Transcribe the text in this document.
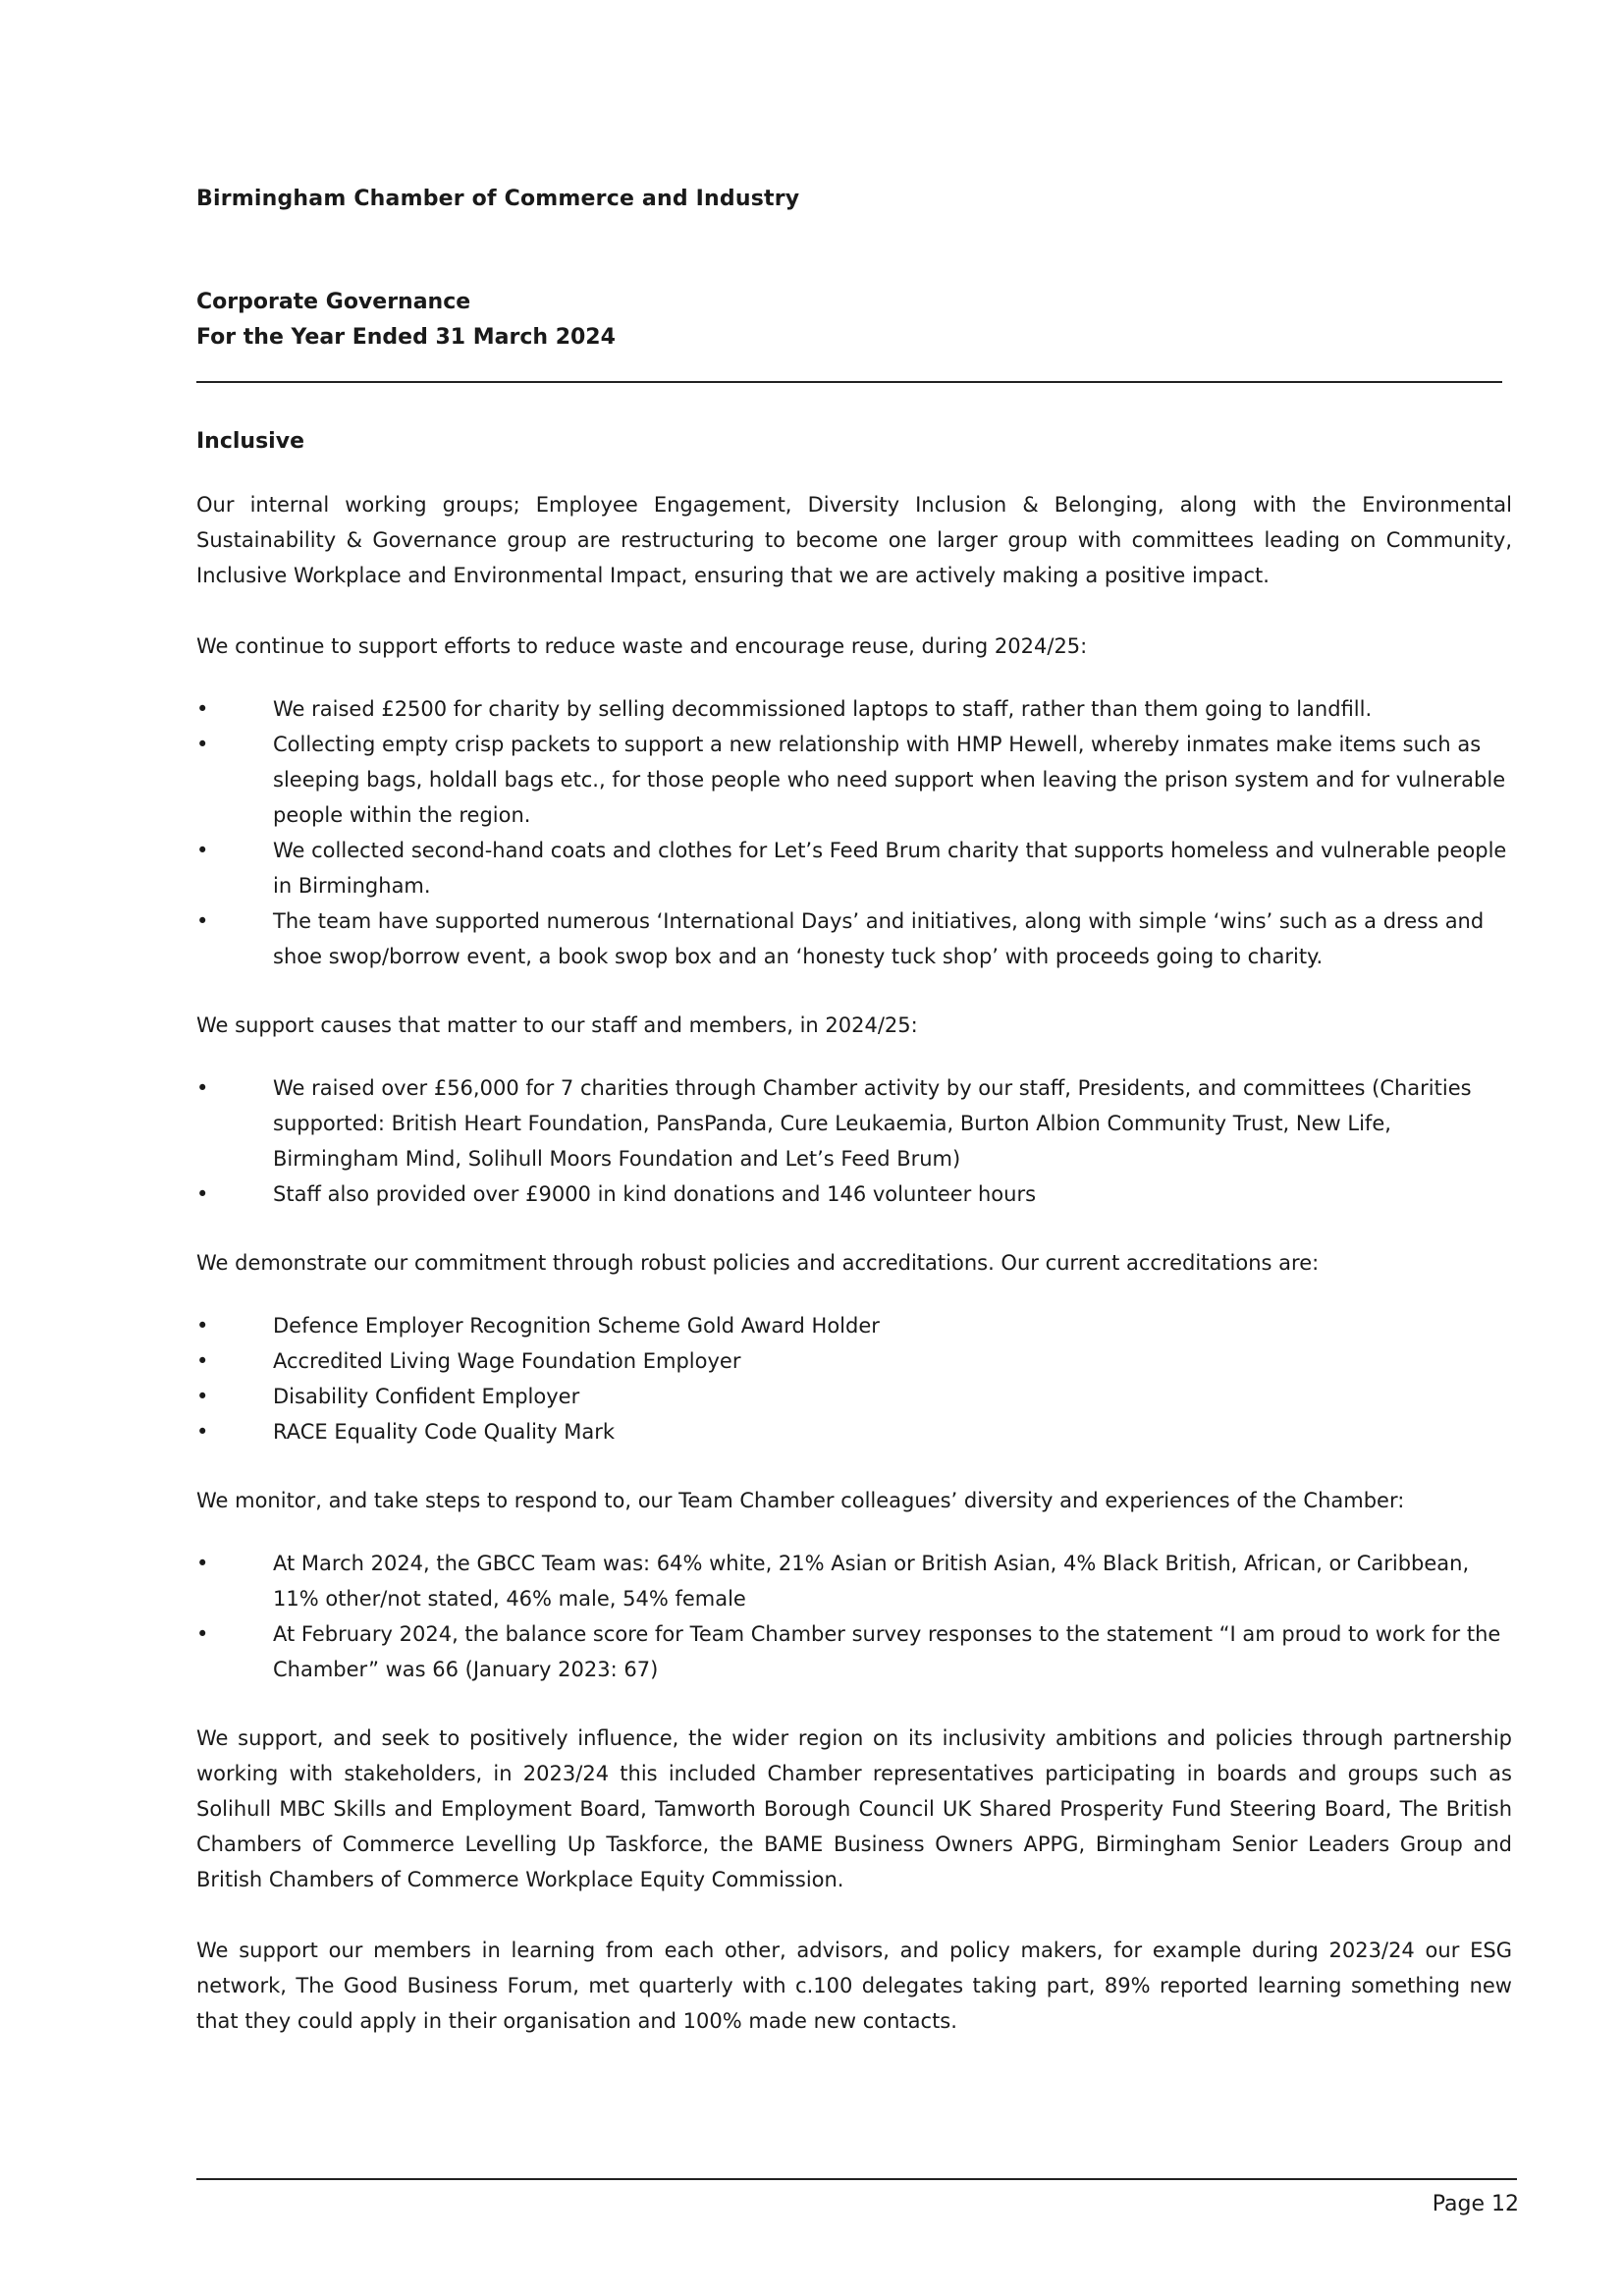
Birmingham Chamber of Commerce and Industry
Corporate Governance
For the Year Ended 31 March 2024
Inclusive

Our internal working groups; Employee Engagement, Diversity Inclusion & Belonging, along with the Environmental Sustainability & Governance group are restructuring to become one larger group with committees leading on Community, Inclusive Workplace and Environmental Impact, ensuring that we are actively making a positive impact.

We continue to support efforts to reduce waste and encourage reuse, during 2024/25:

•	We raised £2500 for charity by selling decommissioned laptops to staff, rather than them going to landfill.
•	Collecting empty crisp packets to support a new relationship with HMP Hewell, whereby inmates make items such as sleeping bags, holdall bags etc., for those people who need support when leaving the prison system and for vulnerable people within the region.
•	We collected second-hand coats and clothes for Let’s Feed Brum charity that supports homeless and vulnerable people in Birmingham.
•	The team have supported numerous ‘International Days’ and initiatives, along with simple ‘wins’ such as a dress and shoe swop/borrow event, a book swop box and an ‘honesty tuck shop’ with proceeds going to charity.

We support causes that matter to our staff and members, in 2024/25:

•	We raised over £56,000 for 7 charities through Chamber activity by our staff, Presidents, and committees (Charities supported: British Heart Foundation, PansPanda, Cure Leukaemia, Burton Albion Community Trust, New Life, Birmingham Mind, Solihull Moors Foundation and Let’s Feed Brum)
•	Staff also provided over £9000 in kind donations and 146 volunteer hours

We demonstrate our commitment through robust policies and accreditations. Our current accreditations are:

•	Defence Employer Recognition Scheme Gold Award Holder
•	Accredited Living Wage Foundation Employer
•	Disability Confident Employer
•	RACE Equality Code Quality Mark

We monitor, and take steps to respond to, our Team Chamber colleagues’ diversity and experiences of the Chamber:

•	At March 2024, the GBCC Team was: 64% white, 21% Asian or British Asian, 4% Black British, African, or Caribbean, 11% other/not stated, 46% male, 54% female
•	At February 2024, the balance score for Team Chamber survey responses to the statement “I am proud to work for the Chamber” was 66 (January 2023: 67)

We support, and seek to positively influence, the wider region on its inclusivity ambitions and policies through partnership working with stakeholders, in 2023/24 this included Chamber representatives participating in boards and groups such as Solihull MBC Skills and Employment Board, Tamworth Borough Council UK Shared Prosperity Fund Steering Board, The British Chambers of Commerce Levelling Up Taskforce, the BAME Business Owners APPG, Birmingham Senior Leaders Group and British Chambers of Commerce Workplace Equity Commission.

We support our members in learning from each other, advisors, and policy makers, for example during 2023/24 our ESG network, The Good Business Forum, met quarterly with c.100 delegates taking part, 89% reported learning something new that they could apply in their organisation and 100% made new contacts.

Page 12
